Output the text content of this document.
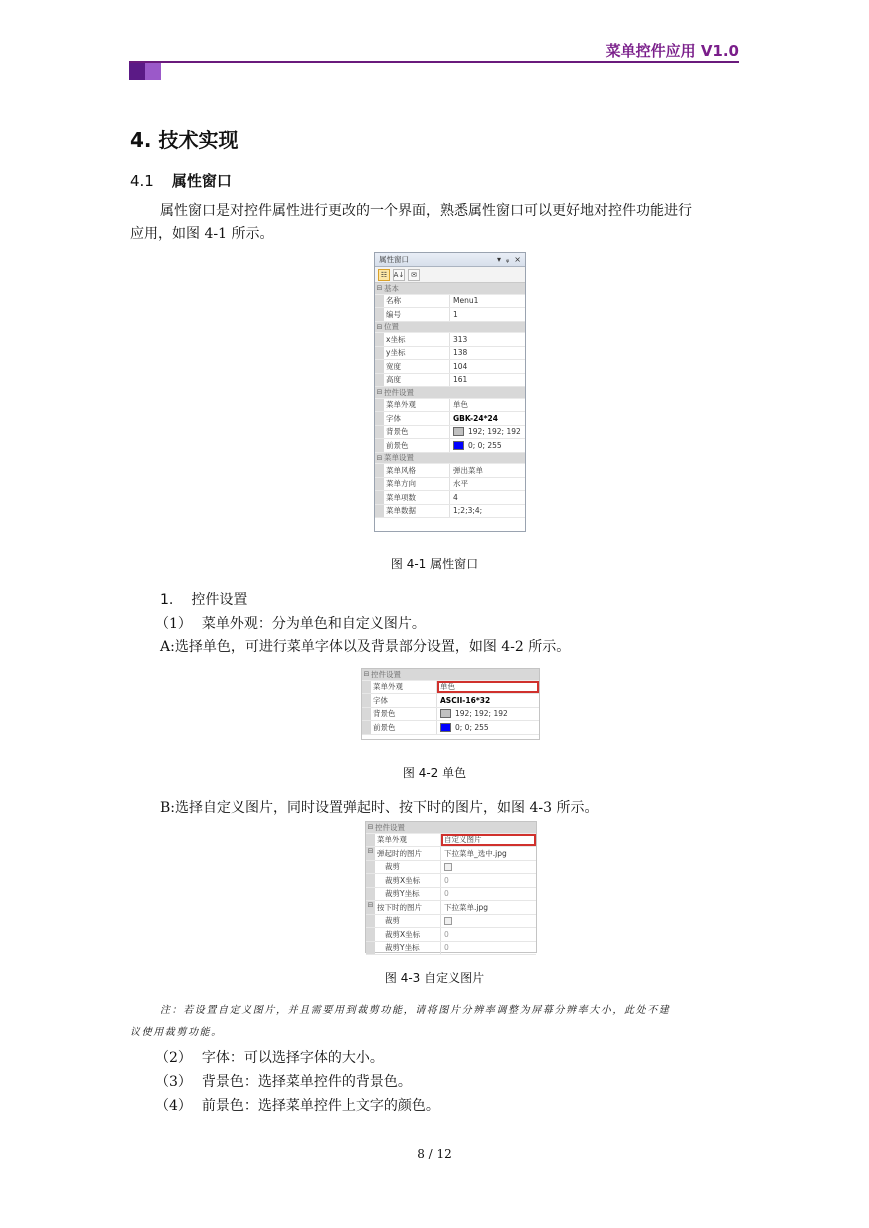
菜单控件应用 V1.0
4. 技术实现
4.1 属性窗口

属性窗口是对控件属性进行更改的一个界面，熟悉属性窗口可以更好地对控件功能进行

应用，如图 4-1 所示。

属性窗口	▾ ᵩ ×
☷ A↓ ✉
⊟ 基本
名称	Menu1
编号	1
⊟ 位置
x坐标	313
y坐标	138
宽度	104
高度	161
⊟ 控件设置
菜单外观	单色
字体	GBK-24*24
背景色	192; 192; 192
前景色	0; 0; 255
⊟ 菜单设置
菜单风格	弹出菜单
菜单方向	水平
菜单项数	4
菜单数据	1;2;3;4;
图 4-1 属性窗口
1. 控件设置

（1） 菜单外观：分为单色和自定义图片。

A:选择单色，可进行菜单字体以及背景部分设置，如图 4-2 所示。

⊟ 控件设置
菜单外观	单色
字体	ASCII-16*32
背景色	192; 192; 192
前景色	0; 0; 255
图 4-2 单色

B:选择自定义图片，同时设置弹起时、按下时的图片，如图 4-3 所示。

⊟ 控件设置
菜单外观	自定义图片
⊟ 弹起时的图片	下拉菜单_选中.jpg
裁剪
裁剪X坐标	0
裁剪Y坐标	0
⊟ 按下时的图片	下拉菜单.jpg
裁剪
裁剪X坐标	0
裁剪Y坐标	0
图 4-3 自定义图片
注：若设置自定义图片，并且需要用到裁剪功能，请将图片分辨率调整为屏幕分辨率大小，此处不建
议使用裁剪功能。

（2） 字体：可以选择字体的大小。

（3） 背景色：选择菜单控件的背景色。

（4） 前景色：选择菜单控件上文字的颜色。

8 / 12
